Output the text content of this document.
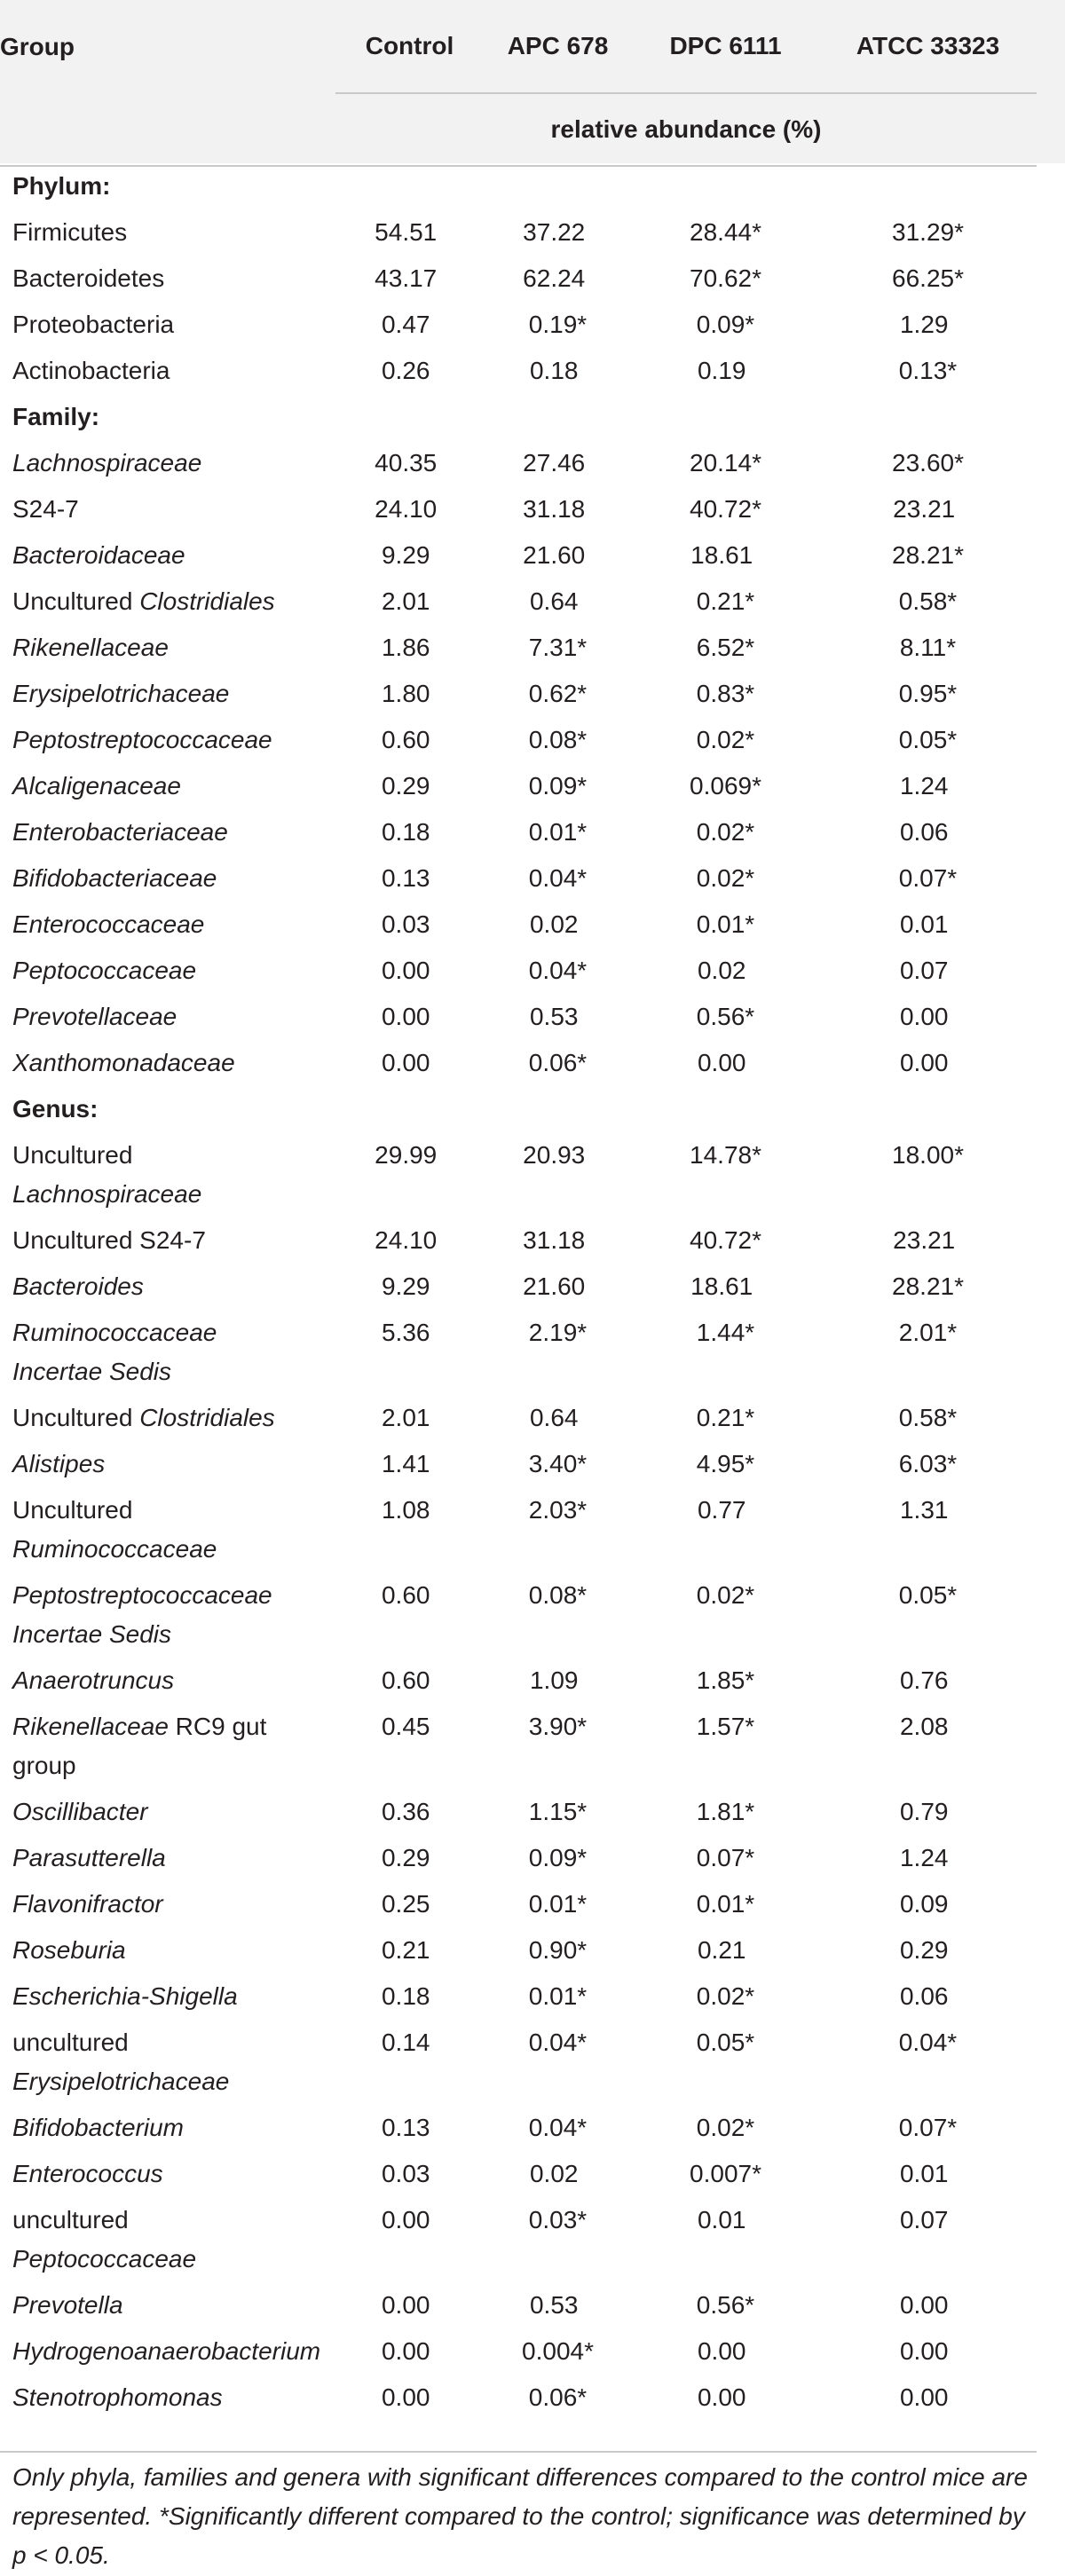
Group	Control	APC 678	DPC 6111	ATCC 33323
	relative abundance (%)			

Phylum:				
Firmicutes	54.51	37.22	28.44*	31.29*
Bacteroidetes	43.17	62.24	70.62*	66.25*
Proteobacteria	0.47	0.19*	0.09*	1.29
Actinobacteria	0.26	0.18	0.19	0.13*
Family:				
Lachnospiraceae	40.35	27.46	20.14*	23.60*
S24-7	24.10	31.18	40.72*	23.21
Bacteroidaceae	9.29	21.60	18.61	28.21*
Uncultured Clostridiales	2.01	0.64	0.21*	0.58*
Rikenellaceae	1.86	7.31*	6.52*	8.11*
Erysipelotrichaceae	1.80	0.62*	0.83*	0.95*
Peptostreptococcaceae	0.60	0.08*	0.02*	0.05*
Alcaligenaceae	0.29	0.09*	0.069*	1.24
Enterobacteriaceae	0.18	0.01*	0.02*	0.06
Bifidobacteriaceae	0.13	0.04*	0.02*	0.07*
Enterococcaceae	0.03	0.02	0.01*	0.01
Peptococcaceae	0.00	0.04*	0.02	0.07
Prevotellaceae	0.00	0.53	0.56*	0.00
Xanthomonadaceae	0.00	0.06*	0.00	0.00
Genus:				
Uncultured
Lachnospiraceae	29.99	20.93	14.78*	18.00*
Uncultured S24-7	24.10	31.18	40.72*	23.21
Bacteroides	9.29	21.60	18.61	28.21*
Ruminococcaceae
Incertae Sedis	5.36	2.19*	1.44*	2.01*
Uncultured Clostridiales	2.01	0.64	0.21*	0.58*
Alistipes	1.41	3.40*	4.95*	6.03*
Uncultured
Ruminococcaceae	1.08	2.03*	0.77	1.31
Peptostreptococcaceae
Incertae Sedis	0.60	0.08*	0.02*	0.05*
Anaerotruncus	0.60	1.09	1.85*	0.76
Rikenellaceae RC9 gut
group	0.45	3.90*	1.57*	2.08
Oscillibacter	0.36	1.15*	1.81*	0.79
Parasutterella	0.29	0.09*	0.07*	1.24
Flavonifractor	0.25	0.01*	0.01*	0.09
Roseburia	0.21	0.90*	0.21	0.29
Escherichia-Shigella	0.18	0.01*	0.02*	0.06
uncultured
Erysipelotrichaceae	0.14	0.04*	0.05*	0.04*
Bifidobacterium	0.13	0.04*	0.02*	0.07*
Enterococcus	0.03	0.02	0.007*	0.01
uncultured
Peptococcaceae	0.00	0.03*	0.01	0.07
Prevotella	0.00	0.53	0.56*	0.00
Hydrogenoanaerobacterium	0.00	0.004*	0.00	0.00
Stenotrophomonas	0.00	0.06*	0.00	0.00
Only phyla, families and genera with significant differences compared to the control mice are represented. *Significantly different compared to the control; significance was determined by p < 0.05.
